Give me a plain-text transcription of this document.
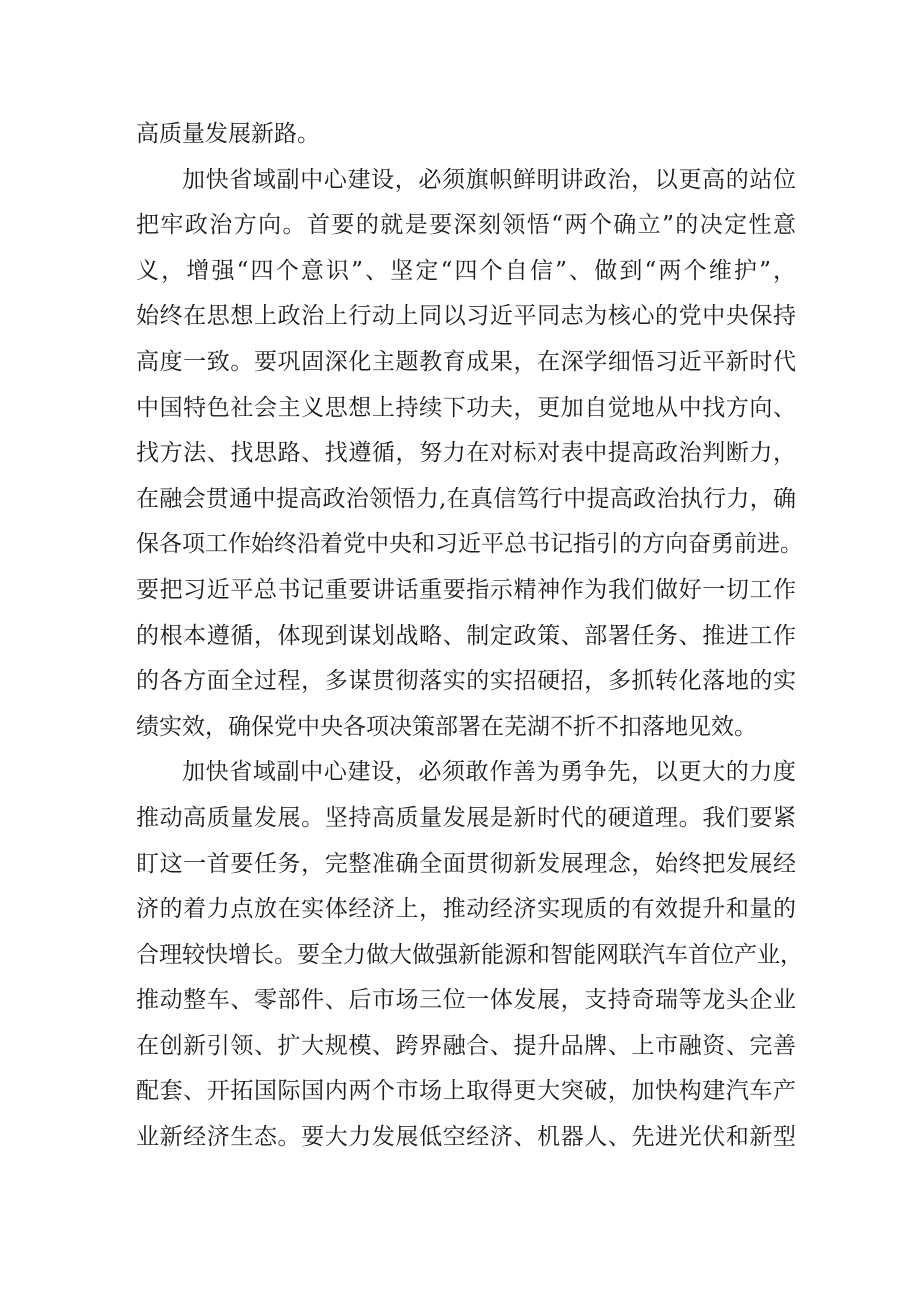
高质量发展新路。
加快省域副中心建设，必须旗帜鲜明讲政治，以更高的站位
把牢政治方向。首要的就是要深刻领悟“两个确立”的决定性意
义，增强“四个意识”、坚定“四个自信”、做到“两个维护”，
始终在思想上政治上行动上同以习近平同志为核心的党中央保持
高度一致。要巩固深化主题教育成果，在深学细悟习近平新时代
中国特色社会主义思想上持续下功夫，更加自觉地从中找方向、
找方法、找思路、找遵循，努力在对标对表中提高政治判断力，
在融会贯通中提高政治领悟力,在真信笃行中提高政治执行力，确
保各项工作始终沿着党中央和习近平总书记指引的方向奋勇前进。
要把习近平总书记重要讲话重要指示精神作为我们做好一切工作
的根本遵循，体现到谋划战略、制定政策、部署任务、推进工作
的各方面全过程，多谋贯彻落实的实招硬招，多抓转化落地的实
绩实效，确保党中央各项决策部署在芜湖不折不扣落地见效。
加快省域副中心建设，必须敢作善为勇争先，以更大的力度
推动高质量发展。坚持高质量发展是新时代的硬道理。我们要紧
盯这一首要任务，完整准确全面贯彻新发展理念，始终把发展经
济的着力点放在实体经济上，推动经济实现质的有效提升和量的
合理较快增长。要全力做大做强新能源和智能网联汽车首位产业，
推动整车、零部件、后市场三位一体发展，支持奇瑞等龙头企业
在创新引领、扩大规模、跨界融合、提升品牌、上市融资、完善
配套、开拓国际国内两个市场上取得更大突破，加快构建汽车产
业新经济生态。要大力发展低空经济、机器人、先进光伏和新型
